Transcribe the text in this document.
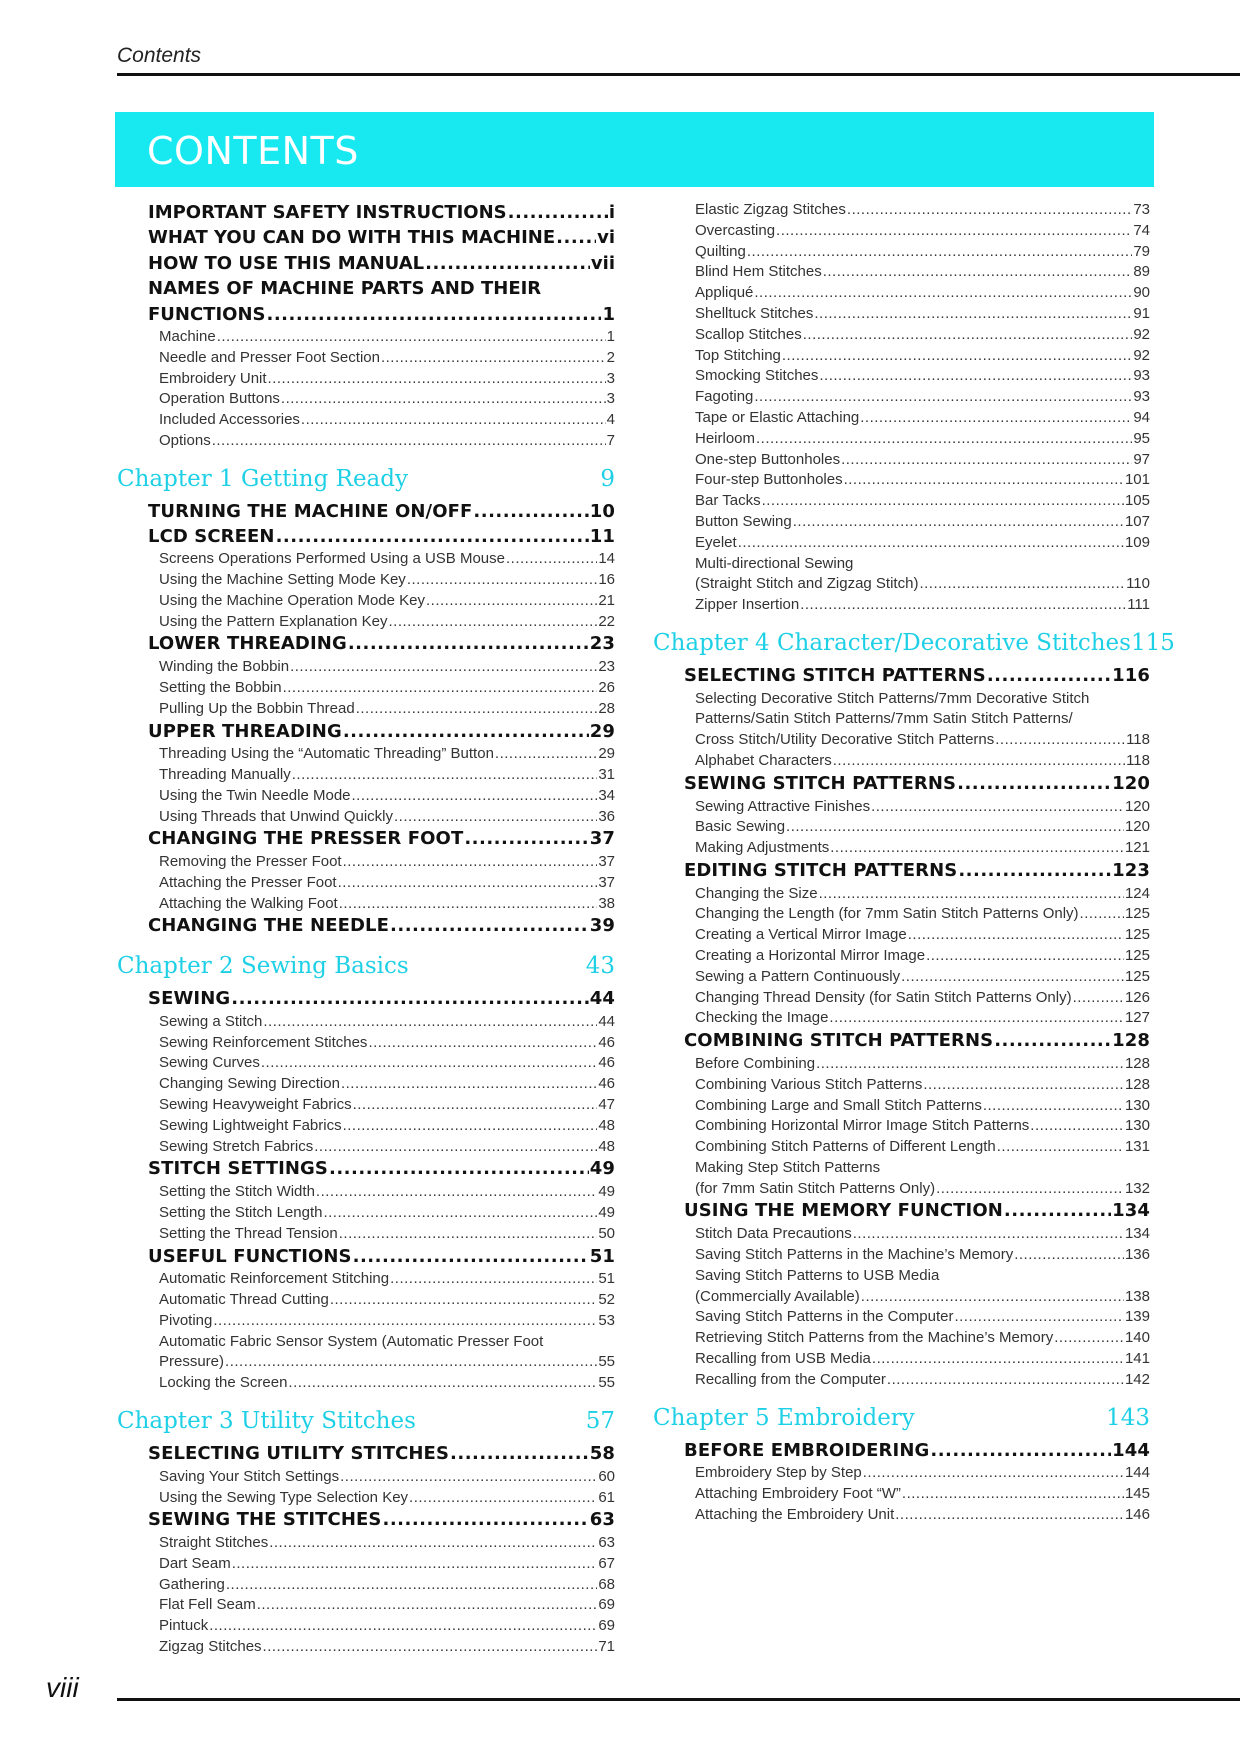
Contents
CONTENTS
IMPORTANT SAFETY INSTRUCTIONS .....	i
WHAT YOU CAN DO WITH THIS MACHINE ..... vi
HOW TO USE THIS MANUAL .....	vii
NAMES OF MACHINE PARTS AND THEIR
FUNCTIONS .....	1
Machine .....	1
Needle and Presser Foot Section .....	2
Embroidery Unit .....	3
Operation Buttons .....	3
Included Accessories .....	4
Options .....	7
Chapter 1 Getting Ready	9
TURNING THE MACHINE ON/OFF .....	10
LCD SCREEN .....	11
Screens Operations Performed Using a USB Mouse .....	14
Using the Machine Setting Mode Key .....	16
Using the Machine Operation Mode Key .....	21
Using the Pattern Explanation Key .....	22
LOWER THREADING .....	23
Winding the Bobbin .....	23
Setting the Bobbin .....	26
Pulling Up the Bobbin Thread .....	28
UPPER THREADING .....	29
Threading Using the “Automatic Threading” Button .....	29
Threading Manually .....	31
Using the Twin Needle Mode .....	34
Using Threads that Unwind Quickly .....	36
CHANGING THE PRESSER FOOT .....	37
Removing the Presser Foot .....	37
Attaching the Presser Foot .....	37
Attaching the Walking Foot .....	38
CHANGING THE NEEDLE .....	39
Chapter 2 Sewing Basics	43
SEWING .....	44
Sewing a Stitch .....	44
Sewing Reinforcement Stitches .....	46
Sewing Curves .....	46
Changing Sewing Direction .....	46
Sewing Heavyweight Fabrics .....	47
Sewing Lightweight Fabrics .....	48
Sewing Stretch Fabrics .....	48
STITCH SETTINGS .....	49
Setting the Stitch Width .....	49
Setting the Stitch Length .....	49
Setting the Thread Tension .....	50
USEFUL FUNCTIONS .....	51
Automatic Reinforcement Stitching .....	51
Automatic Thread Cutting .....	52
Pivoting .....	53
Automatic Fabric Sensor System (Automatic Presser Foot
Pressure) .....	55
Locking the Screen .....	55
Chapter 3 Utility Stitches	57
SELECTING UTILITY STITCHES .....	58
Saving Your Stitch Settings .....	60
Using the Sewing Type Selection Key .....	61
SEWING THE STITCHES .....	63
Straight Stitches .....	63
Dart Seam .....	67
Gathering .....	68
Flat Fell Seam .....	69
Pintuck .....	69
Zigzag Stitches .....	71
Elastic Zigzag Stitches .....	73
Overcasting .....	74
Quilting .....	79
Blind Hem Stitches .....	89
Appliqué .....	90
Shelltuck Stitches .....	91
Scallop Stitches .....	92
Top Stitching .....	92
Smocking Stitches .....	93
Fagoting .....	93
Tape or Elastic Attaching .....	94
Heirloom .....	95
One-step Buttonholes .....	97
Four-step Buttonholes .....	101
Bar Tacks .....	105
Button Sewing .....	107
Eyelet .....	109
Multi-directional Sewing
(Straight Stitch and Zigzag Stitch) .....	110
Zipper Insertion .....	111
Chapter 4 Character/Decorative Stitches 115
SELECTING STITCH PATTERNS .....	116
Selecting Decorative Stitch Patterns/7mm Decorative Stitch
Patterns/Satin Stitch Patterns/7mm Satin Stitch Patterns/
Cross Stitch/Utility Decorative Stitch Patterns .....	118
Alphabet Characters .....	118
SEWING STITCH PATTERNS .....	120
Sewing Attractive Finishes .....	120
Basic Sewing .....	120
Making Adjustments .....	121
EDITING STITCH PATTERNS .....	123
Changing the Size .....	124
Changing the Length (for 7mm Satin Stitch Patterns Only) .....	125
Creating a Vertical Mirror Image .....	125
Creating a Horizontal Mirror Image .....	125
Sewing a Pattern Continuously .....	125
Changing Thread Density (for Satin Stitch Patterns Only) .....	126
Checking the Image .....	127
COMBINING STITCH PATTERNS .....	128
Before Combining .....	128
Combining Various Stitch Patterns .....	128
Combining Large and Small Stitch Patterns .....	130
Combining Horizontal Mirror Image Stitch Patterns .....	130
Combining Stitch Patterns of Different Length .....	131
Making Step Stitch Patterns
(for 7mm Satin Stitch Patterns Only) .....	132
USING THE MEMORY FUNCTION .....	134
Stitch Data Precautions .....	134
Saving Stitch Patterns in the Machine’s Memory .....	136
Saving Stitch Patterns to USB Media
(Commercially Available) .....	138
Saving Stitch Patterns in the Computer .....	139
Retrieving Stitch Patterns from the Machine’s Memory .....	140
Recalling from USB Media .....	141
Recalling from the Computer .....	142
Chapter 5 Embroidery	143
BEFORE EMBROIDERING .....	144
Embroidery Step by Step .....	144
Attaching Embroidery Foot “W” .....	145
Attaching the Embroidery Unit .....	146
viii
